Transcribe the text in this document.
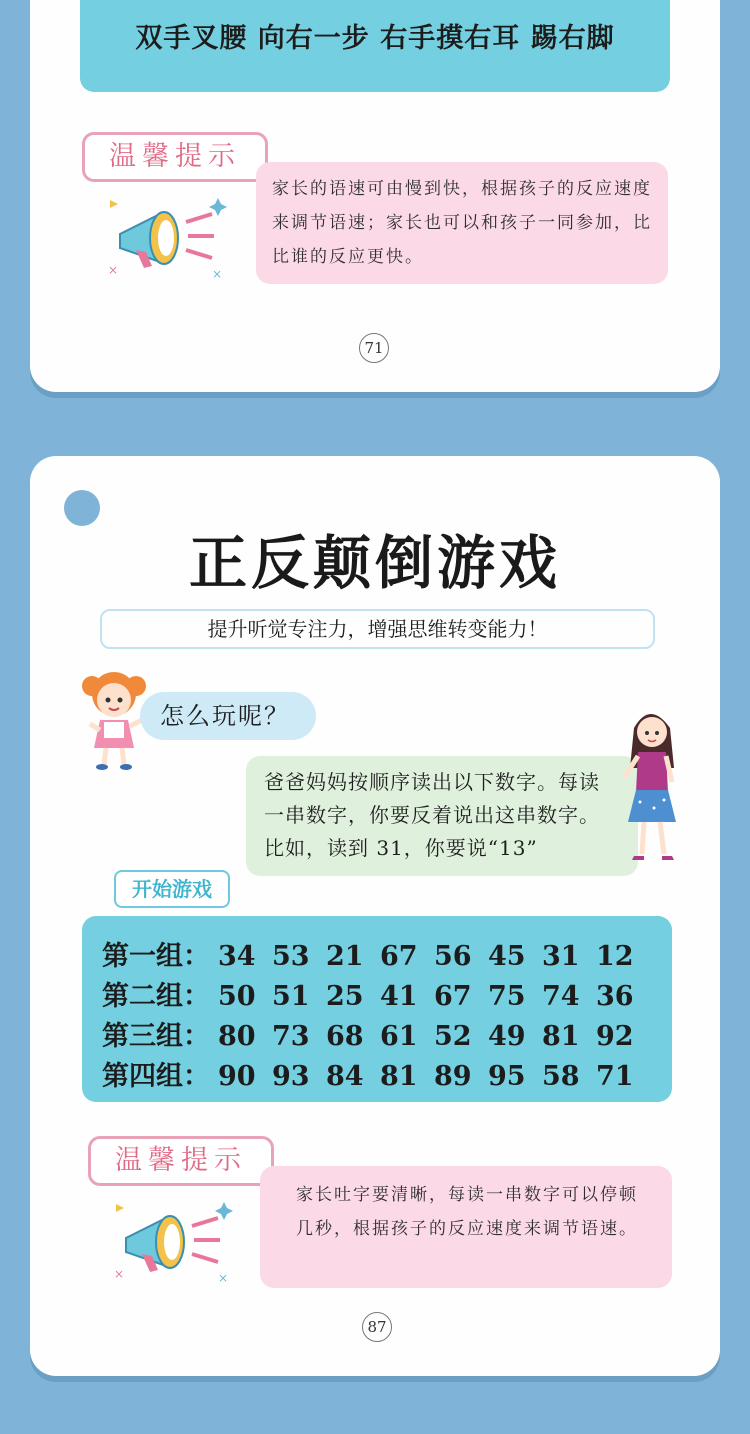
双手叉腰 向右一步 右手摸右耳 踢右脚
温馨提示
×	×
家长的语速可由慢到快，根据孩子的反应速度来调节语速；家长也可以和孩子一同参加，比比谁的反应更快。
71
正反颠倒游戏
提升听觉专注力，增强思维转变能力！
怎么玩呢？
爸爸妈妈按顺序读出以下数字。每读一串数字，你要反着说出这串数字。比如，读到 31，你要说“13”
开始游戏
第一组： 34 53 21 67 56 45 31 12
第二组： 50 51 25 41 67 75 74 36
第三组： 80 73 68 61 52 49 81 92
第四组： 90 93 84 81 89 95 58 71
温馨提示
×	×
家长吐字要清晰，每读一串数字可以停顿几秒，根据孩子的反应速度来调节语速。
87
